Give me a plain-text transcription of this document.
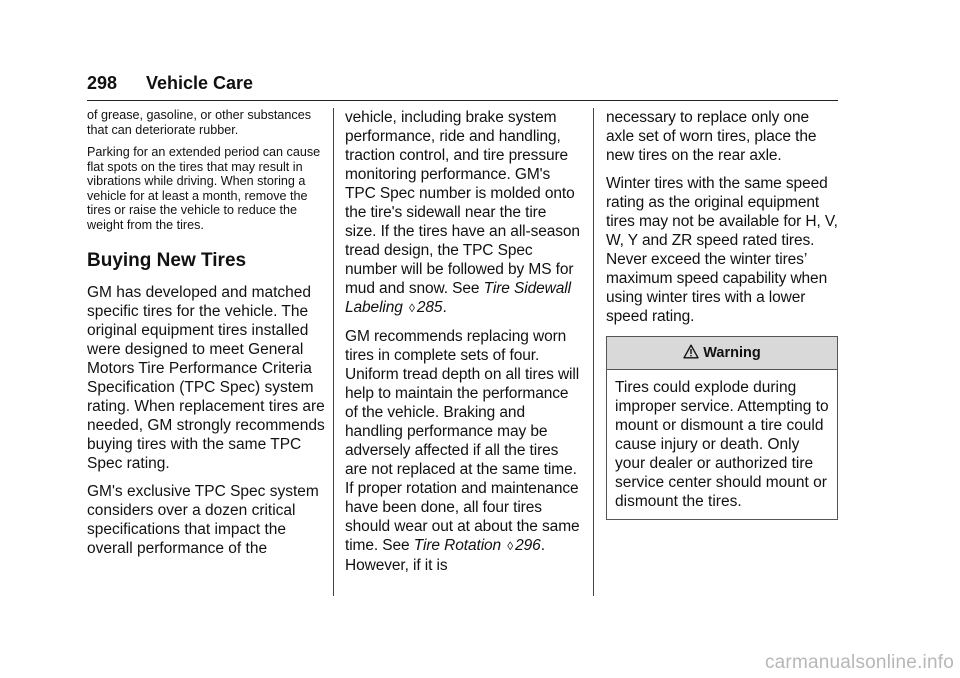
298 Vehicle Care

of grease, gasoline, or other substances that can deteriorate rubber.

Parking for an extended period can cause flat spots on the tires that may result in vibrations while driving. When storing a vehicle for at least a month, remove the tires or raise the vehicle to reduce the weight from the tires.

Buying New Tires

GM has developed and matched specific tires for the vehicle. The original equipment tires installed were designed to meet General Motors Tire Performance Criteria Specification (TPC Spec) system rating. When replacement tires are needed, GM strongly recommends buying tires with the same TPC Spec rating.

GM's exclusive TPC Spec system considers over a dozen critical specifications that impact the overall performance of the

vehicle, including brake system performance, ride and handling, traction control, and tire pressure monitoring performance. GM's TPC Spec number is molded onto the tire's sidewall near the tire size. If the tires have an all-season tread design, the TPC Spec number will be followed by MS for mud and snow. See Tire Sidewall Labeling ◊ 285.

GM recommends replacing worn tires in complete sets of four. Uniform tread depth on all tires will help to maintain the performance of the vehicle. Braking and handling performance may be adversely affected if all the tires are not replaced at the same time.

If proper rotation and maintenance have been done, all four tires should wear out at about the same time. See Tire Rotation ◊ 296. However, if it is

necessary to replace only one axle set of worn tires, place the new tires on the rear axle.

Winter tires with the same speed rating as the original equipment tires may not be available for H, V, W, Y and ZR speed rated tires. Never exceed the winter tires’ maximum speed capability when using winter tires with a lower speed rating.

Warning
Tires could explode during improper service. Attempting to mount or dismount a tire could cause injury or death. Only your dealer or authorized tire service center should mount or dismount the tires.
carmanualsonline.info
